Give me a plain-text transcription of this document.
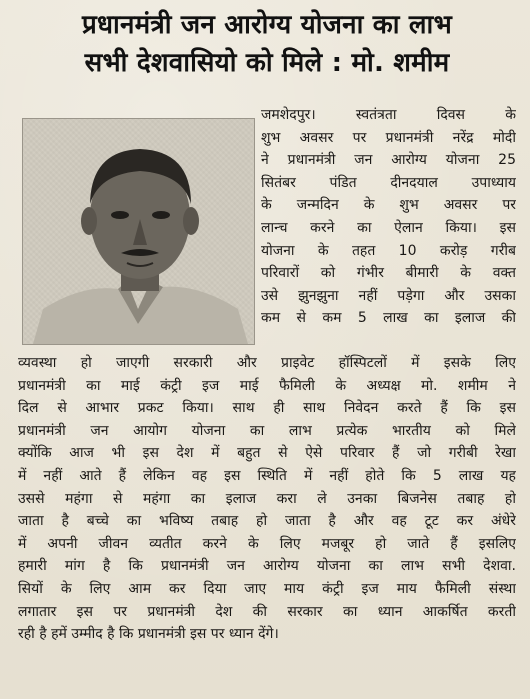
प्रधानमंत्री जन आरोग्य योजना का लाभ
सभी देशवासियो को मिले : मो. शमीम
जमशेदपुर। स्वतंत्रता दिवस के
शुभ अवसर पर प्रधानमंत्री नरेंद्र मोदी
ने प्रधानमंत्री जन आरोग्य योजना 25
सितंबर पंडित दीनदयाल उपाध्याय
के जन्मदिन के शुभ अवसर पर
लान्च करने का ऐलान किया। इस
योजना के तहत 10 करोड़ गरीब
परिवारों को गंभीर बीमारी के वक्त
उसे झुनझुना नहीं पड़ेगा और उसका
कम से कम 5 लाख का इलाज की
व्यवस्था हो जाएगी सरकारी और प्राइवेट हॉस्पिटलों में इसके लिए
प्रधानमंत्री का माई कंट्री इज माई फैमिली के अध्यक्ष मो. शमीम ने
दिल से आभार प्रकट किया। साथ ही साथ निवेदन करते हैं कि इस
प्रधानमंत्री जन आयोग योजना का लाभ प्रत्येक भारतीय को मिले
क्योंकि आज भी इस देश में बहुत से ऐसे परिवार हैं जो गरीबी रेखा
में नहीं आते हैं लेकिन वह इस स्थिति में नहीं होते कि 5 लाख यह
उससे महंगा से महंगा का इलाज करा ले उनका बिजनेस तबाह हो
जाता है बच्चे का भविष्य तबाह हो जाता है और वह टूट कर अंधेरे
में अपनी जीवन व्यतीत करने के लिए मजबूर हो जाते हैं इसलिए
हमारी मांग है कि प्रधानमंत्री जन आरोग्य योजना का लाभ सभी देशवा.
सियों के लिए आम कर दिया जाए माय कंट्री इज माय फैमिली संस्था
लगातार इस पर प्रधानमंत्री देश की सरकार का ध्यान आकर्षित करती
रही है हमें उम्मीद है कि प्रधानमंत्री इस पर ध्यान देंगे।
